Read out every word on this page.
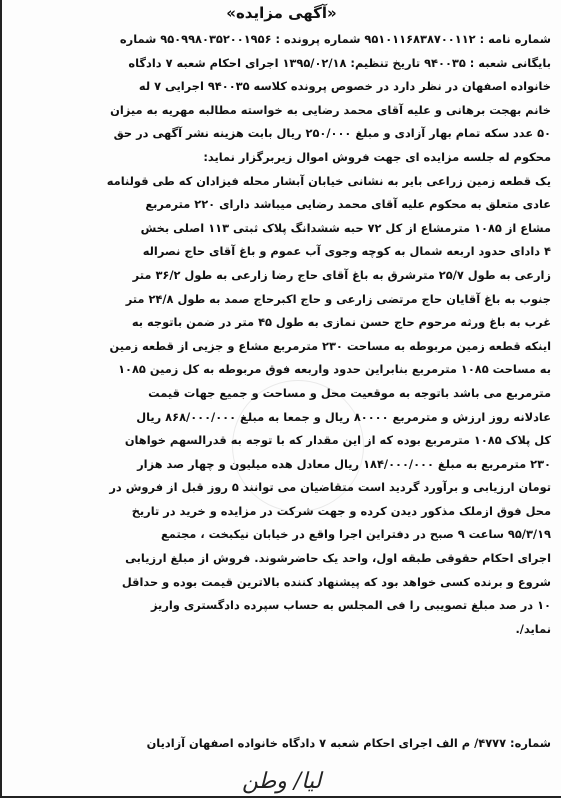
«آگهی مزایده»
شماره نامه : ۹۵۱۰۱۱۶۸۳۸۷۰۰۱۱۲ شماره پرونده : ۹۵۰۹۹۸۰۳۵۲۰۰۱۹۵۶ شماره
بایگانی شعبه : ۹۴۰۰۳۵ تاریخ تنظیم: ۱۳۹۵/۰۲/۱۸ اجرای احکام شعبه ۷ دادگاه
خانواده اصفهان در نظر دارد در خصوص پرونده کلاسه ۹۴۰۰۳۵ اجرایی ۷ له
خانم بهجت برهانی و علیه آقای محمد رضایی به خواسته مطالبه مهریه به میزان
۵۰ عدد سکه تمام بهار آزادی و مبلغ ۲۵۰/۰۰۰ ریال بابت هزینه نشر آگهی در حق
محکوم له جلسه مزایده ای جهت فروش اموال زیربرگزار نماید:
یک قطعه زمین زراعی بایر به نشانی خیابان آبشار محله فیزادان که طی قولنامه
عادی متعلق به محکوم علیه آقای محمد رضایی میباشد دارای ۲۲۰ مترمربع
مشاع از ۱۰۸۵ مترمشاع از کل ۷۲ حبه ششدانگ پلاک ثبتی ۱۱۳ اصلی بخش
۴ دادای حدود اربعه شمال به کوچه وجوی آب عموم و باغ آقای حاج نصراله
زارعی به طول ۲۵/۷ مترشرق به باغ آقای حاج رضا زارعی به طول ۳۶/۲ متر
جنوب به باغ آقایان حاج مرتضی زارعی و حاج اکبرحاج صمد به طول ۲۴/۸ متر
غرب به باغ ورثه مرحوم حاج حسن نمازی به طول ۴۵ متر در ضمن باتوجه به
اینکه قطعه زمین مربوطه به مساحت ۲۳۰ مترمربع مشاع و جزیی از قطعه زمین
به مساحت ۱۰۸۵ مترمربع بنابراین حدود واربعه فوق مربوطه به کل زمین ۱۰۸۵
مترمربع می باشد باتوجه به موقعیت محل و مساحت و جمیع جهات قیمت
عادلانه روز ارزش و مترمربع ۸۰۰۰۰ ریال و جمعا به مبلغ ۸۶۸/۰۰۰/۰۰۰ ریال
کل پلاک ۱۰۸۵ مترمربع بوده که از این مقدار که با توجه به قدرالسهم خواهان
۲۳۰ مترمربع به مبلغ ۱۸۴/۰۰۰/۰۰۰ ریال معادل هده میلیون و چهار صد هزار
تومان ارزیابی و برآورد گردید است متقاضیان می توانند ۵ روز قبل از فروش در
محل فوق ازملک مذکور دیدن کرده و جهت شرکت در مزایده و خرید در تاریخ
۹۵/۳/۱۹ ساعت ۹ صبح در دفتراین اجرا واقع در خیابان نیکبخت ، مجتمع
اجرای احکام حقوقی طبقه اول، واحد یک حاضرشوند. فروش از مبلغ ارزیابی
شروع و برنده کسی خواهد بود که پیشنهاد کننده بالاترین قیمت بوده و حداقل
۱۰ در صد مبلغ تصویبی را فی المجلس به حساب سپرده دادگستری واریز
نماید/.
شماره: ۴۷۷۷/ م الف اجرای احکام شعبه ۷ دادگاه خانواده اصفهان آزادیان
لیا/ وطن
